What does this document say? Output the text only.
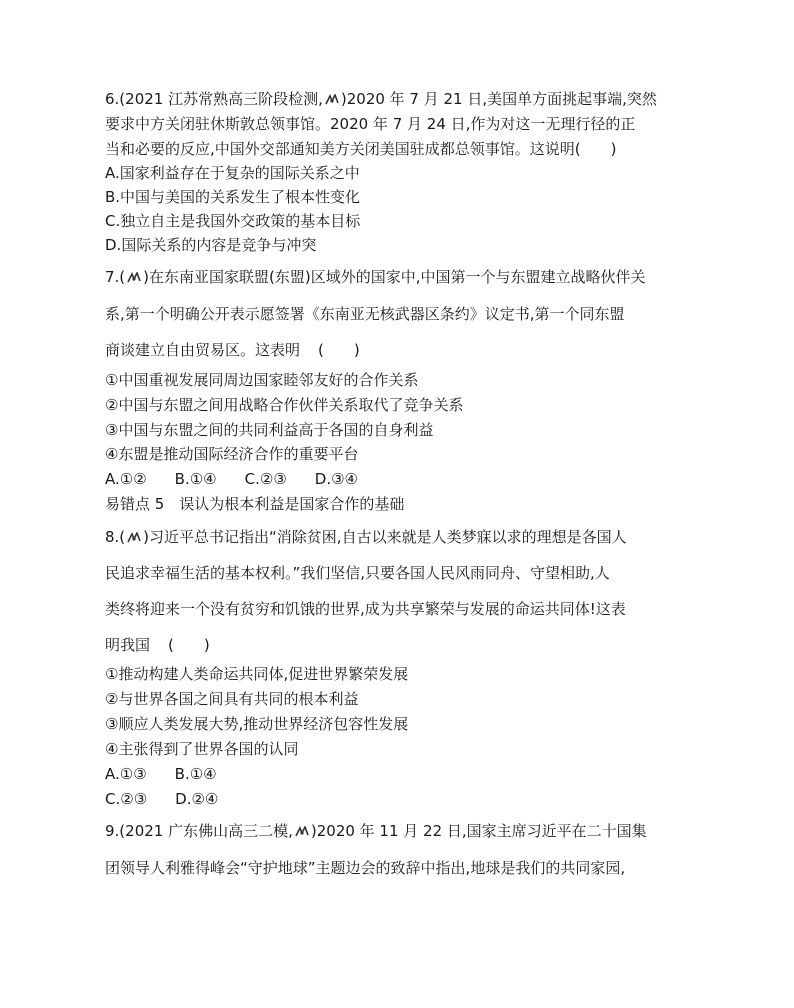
6.(2021 江苏常熟高三阶段检测, )2020 年 7 月 21 日,美国单方面挑起事端,突然
要求中方关闭驻休斯敦总领事馆。2020 年 7 月 24 日,作为对这一无理行径的正
当和必要的反应,中国外交部通知美方关闭美国驻成都总领事馆。这说明(　　)
A.国家利益存在于复杂的国际关系之中
B.中国与美国的关系发生了根本性变化
C.独立自主是我国外交政策的基本目标
D.国际关系的内容是竞争与冲突
7.( )在东南亚国家联盟(东盟)区域外的国家中,中国第一个与东盟建立战略伙伴关
系,第一个明确公开表示愿签署《东南亚无核武器区条约》议定书,第一个同东盟
商谈建立自由贸易区。这表明 (　　)
①中国重视发展同周边国家睦邻友好的合作关系
②中国与东盟之间用战略合作伙伴关系取代了竞争关系
③中国与东盟之间的共同利益高于各国的自身利益
④东盟是推动国际经济合作的重要平台
A.①② B.①④ C.②③ D.③④
易错点 5　误认为根本利益是国家合作的基础
8.( )习近平总书记指出“消除贫困,自古以来就是人类梦寐以求的理想是各国人
民追求幸福生活的基本权利。”我们坚信,只要各国人民风雨同舟、守望相助,人
类终将迎来一个没有贫穷和饥饿的世界,成为共享繁荣与发展的命运共同体!这表
明我国 (　　)
①推动构建人类命运共同体,促进世界繁荣发展
②与世界各国之间具有共同的根本利益
③顺应人类发展大势,推动世界经济包容性发展
④主张得到了世界各国的认同
A.①③ B.①④
C.②③ D.②④
9.(2021 广东佛山高三二模, )2020 年 11 月 22 日,国家主席习近平在二十国集
团领导人利雅得峰会“守护地球”主题边会的致辞中指出,地球是我们的共同家园,
